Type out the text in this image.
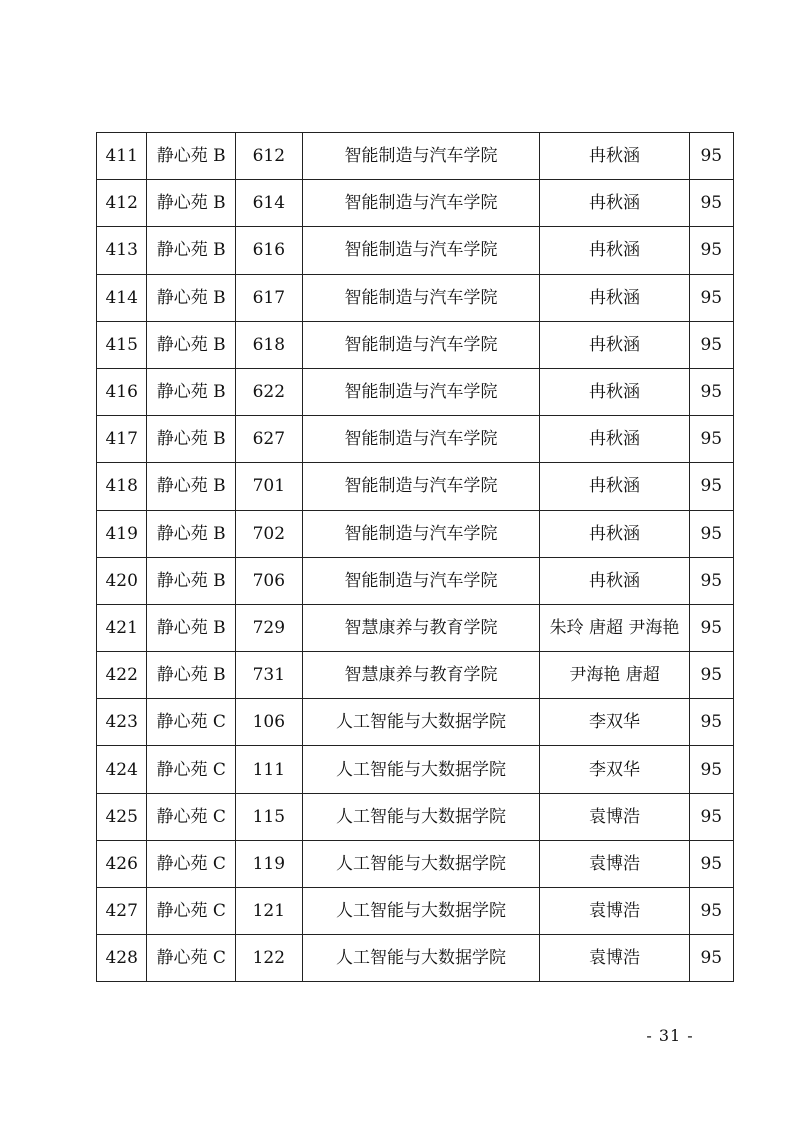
411	静心苑 B	612	智能制造与汽车学院	冉秋涵	95
412	静心苑 B	614	智能制造与汽车学院	冉秋涵	95
413	静心苑 B	616	智能制造与汽车学院	冉秋涵	95
414	静心苑 B	617	智能制造与汽车学院	冉秋涵	95
415	静心苑 B	618	智能制造与汽车学院	冉秋涵	95
416	静心苑 B	622	智能制造与汽车学院	冉秋涵	95
417	静心苑 B	627	智能制造与汽车学院	冉秋涵	95
418	静心苑 B	701	智能制造与汽车学院	冉秋涵	95
419	静心苑 B	702	智能制造与汽车学院	冉秋涵	95
420	静心苑 B	706	智能制造与汽车学院	冉秋涵	95
421	静心苑 B	729	智慧康养与教育学院	朱玲 唐超 尹海艳	95
422	静心苑 B	731	智慧康养与教育学院	尹海艳 唐超	95
423	静心苑 C	106	人工智能与大数据学院	李双华	95
424	静心苑 C	111	人工智能与大数据学院	李双华	95
425	静心苑 C	115	人工智能与大数据学院	袁博浩	95
426	静心苑 C	119	人工智能与大数据学院	袁博浩	95
427	静心苑 C	121	人工智能与大数据学院	袁博浩	95
428	静心苑 C	122	人工智能与大数据学院	袁博浩	95
- 31 -
